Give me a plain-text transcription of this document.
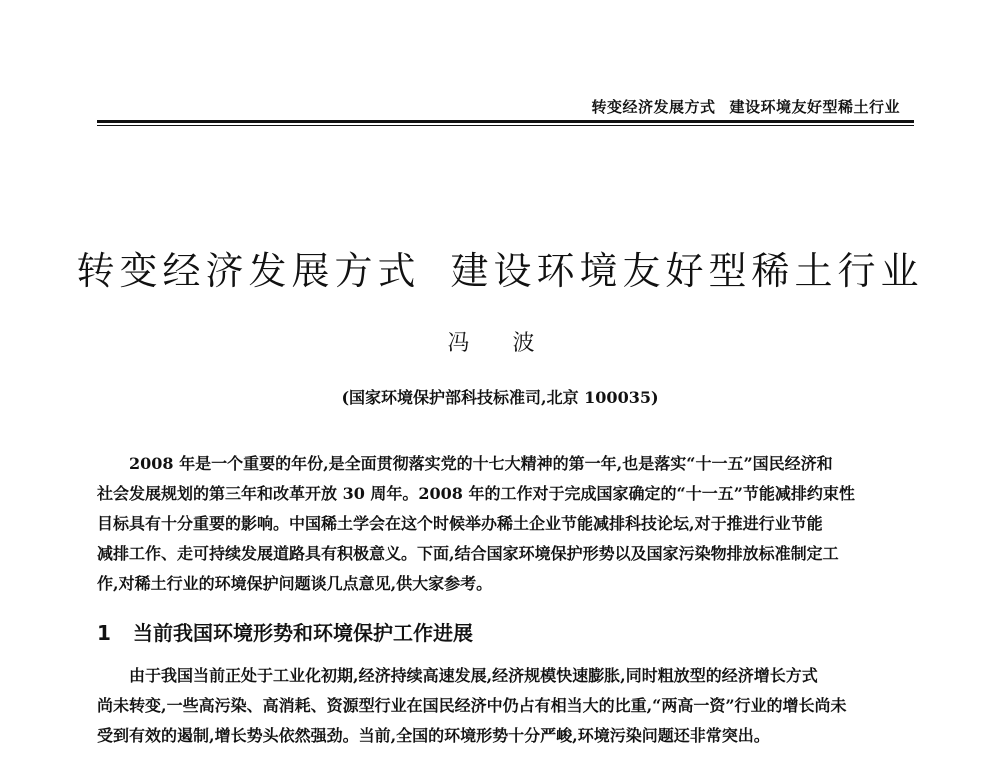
转变经济发展方式 建设环境友好型稀土行业
转变经济发展方式 建设环境友好型稀土行业
冯 波
(国家环境保护部科技标准司,北京 100035)
2008 年是一个重要的年份,是全面贯彻落实党的十七大精神的第一年,也是落实“十一五”国民经济和
社会发展规划的第三年和改革开放 30 周年。2008 年的工作对于完成国家确定的“十一五”节能减排约束性
目标具有十分重要的影响。中国稀土学会在这个时候举办稀土企业节能减排科技论坛,对于推进行业节能
减排工作、走可持续发展道路具有积极意义。下面,结合国家环境保护形势以及国家污染物排放标准制定工
作,对稀土行业的环境保护问题谈几点意见,供大家参考。
1 当前我国环境形势和环境保护工作进展
由于我国当前正处于工业化初期,经济持续高速发展,经济规模快速膨胀,同时粗放型的经济增长方式
尚未转变,一些高污染、高消耗、资源型行业在国民经济中仍占有相当大的比重,“两高一资”行业的增长尚未
受到有效的遏制,增长势头依然强劲。当前,全国的环境形势十分严峻,环境污染问题还非常突出。
